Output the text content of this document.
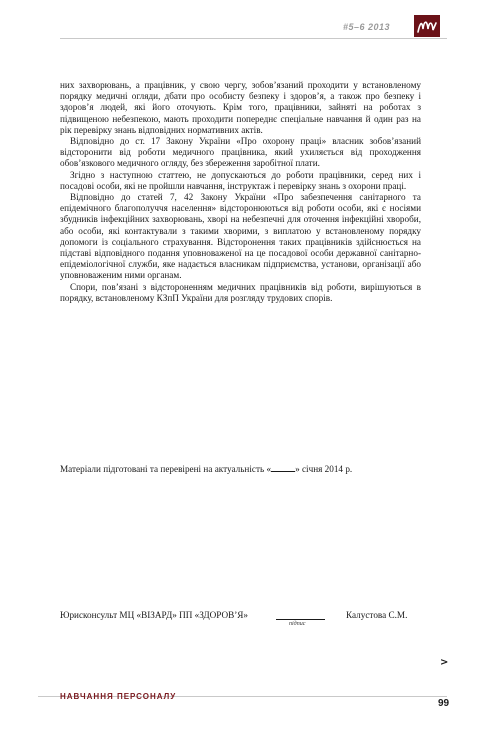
#5–6 2013

них захворювань, а працівник, у свою чергу, зобов’язаний проходити у встановленому порядку медичні огляди, дбати про особисту безпеку і здоров’я, а також про безпеку і здоров’я людей, які його оточують. Крім того, працівники, зайняті на роботах з підвищеною небезпекою, мають проходити попереднє спеціальне навчання й один раз на рік перевірку знань відповідних нормативних актів.

Відповідно до ст. 17 Закону України «Про охорону праці» власник зобов’язаний відсторонити від роботи медичного працівника, який ухиляється від проходження обов’язкового медичного огляду, без збереження заробітної плати.

Згідно з наступною статтею, не допускаються до роботи працівники, серед них і посадові особи, які не пройшли навчання, інструктаж і перевірку знань з охорони праці.

Відповідно до статей 7, 42 Закону України «Про забезпечення санітарного та епідемічного благополуччя населення» відсторонюються від роботи особи, які є носіями збудників інфекційних захворювань, хворі на небезпечні для оточення інфекційні хвороби, або особи, які контактували з такими хворими, з виплатою у встановленому порядку допомоги із соціального страхування. Відсторонення таких працівників здійснюється на підставі відповідного подання уповноваженої на це посадової особи державної санітарно-епідеміологічної служби, яке надається власникам підприємства, установи, організації або уповноваженим ними органам.

Спори, пов’язані з відстороненням медичних працівників від роботи, вирішуються в порядку, встановленому КЗпП України для розгляду трудових спорів.

Матеріали підготовані та перевірені на актуальність «	» січня 2014 р.
Юрисконсульт МЦ «ВІЗАРД» ПП «ЗДОРОВ’Я»
підпис
Калустова С.М.
>
НАВЧАННЯ ПЕРСОНАЛУ
99
